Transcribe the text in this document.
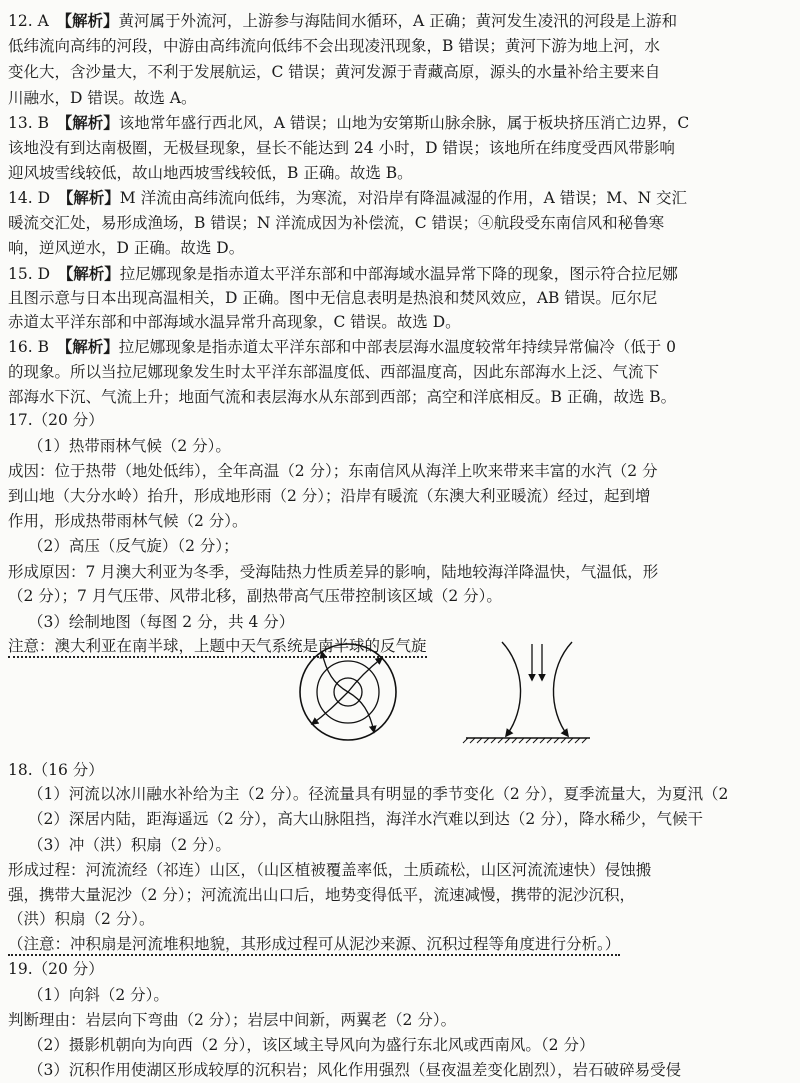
12. A　【解析】黄河属于外流河，上游参与海陆间水循环，A 正确；黄河发生凌汛的河段是上游和
低纬流向高纬的河段，中游由高纬流向低纬不会出现凌汛现象，B 错误；黄河下游为地上河，水
变化大，含沙量大，不利于发展航运，C 错误；黄河发源于青藏高原，源头的水量补给主要来自
川融水，D 错误。故选 A。
13. B　【解析】该地常年盛行西北风，A 错误；山地为安第斯山脉余脉，属于板块挤压消亡边界，C
该地没有到达南极圈，无极昼现象，昼长不能达到 24 小时，D 错误；该地所在纬度受西风带影响
迎风坡雪线较低，故山地西坡雪线较低，B 正确。故选 B。
14. D　【解析】M 洋流由高纬流向低纬，为寒流，对沿岸有降温减湿的作用，A 错误；M、N 交汇
暖流交汇处，易形成渔场，B 错误；N 洋流成因为补偿流，C 错误；④航段受东南信风和秘鲁寒
响，逆风逆水，D 正确。故选 D。
15. D　【解析】拉尼娜现象是指赤道太平洋东部和中部海域水温异常下降的现象，图示符合拉尼娜
且图示意与日本出现高温相关，D 正确。图中无信息表明是热浪和焚风效应，AB 错误。厄尔尼
赤道太平洋东部和中部海域水温异常升高现象，C 错误。故选 D。
16. B　【解析】拉尼娜现象是指赤道太平洋东部和中部表层海水温度较常年持续异常偏冷（低于 0
的现象。所以当拉尼娜现象发生时太平洋东部温度低、西部温度高，因此东部海水上泛、气流下
部海水下沉、气流上升；地面气流和表层海水从东部到西部；高空和洋底相反。B 正确，故选 B。
17.（20 分）
（1）热带雨林气候（2 分）。
成因：位于热带（地处低纬），全年高温（2 分）；东南信风从海洋上吹来带来丰富的水汽（2 分
到山地（大分水岭）抬升，形成地形雨（2 分）；沿岸有暖流（东澳大利亚暖流）经过，起到增
作用，形成热带雨林气候（2 分）。
（2）高压（反气旋）（2 分）；
形成原因：7 月澳大利亚为冬季，受海陆热力性质差异的影响，陆地较海洋降温快，气温低，形
（2 分）；7 月气压带、风带北移，副热带高气压带控制该区域（2 分）。
（3）绘制地图（每图 2 分，共 4 分）
注意：澳大利亚在南半球，上题中天气系统是南半球的反气旋
18.（16 分）
（1）河流以冰川融水补给为主（2 分）。径流量具有明显的季节变化（2 分），夏季流量大，为夏汛（2
（2）深居内陆，距海遥远（2 分），高大山脉阻挡，海洋水汽难以到达（2 分），降水稀少，气候干
（3）冲（洪）积扇（2 分）。
形成过程：河流流经（祁连）山区，（山区植被覆盖率低，土质疏松，山区河流流速快）侵蚀搬
强，携带大量泥沙（2 分）；河流流出山口后，地势变得低平，流速减慢，携带的泥沙沉积，
（洪）积扇（2 分）。
（注意：冲积扇是河流堆积地貌，其形成过程可从泥沙来源、沉积过程等角度进行分析。）
19.（20 分）
（1）向斜（2 分）。
判断理由：岩层向下弯曲（2 分）；岩层中间新，两翼老（2 分）。
（2）摄影机朝向为向西（2 分），该区域主导风向为盛行东北风或西南风。（2 分）
（3）沉积作用使湖区形成较厚的沉积岩；风化作用强烈（昼夜温差变化剧烈），岩石破碎易受侵
